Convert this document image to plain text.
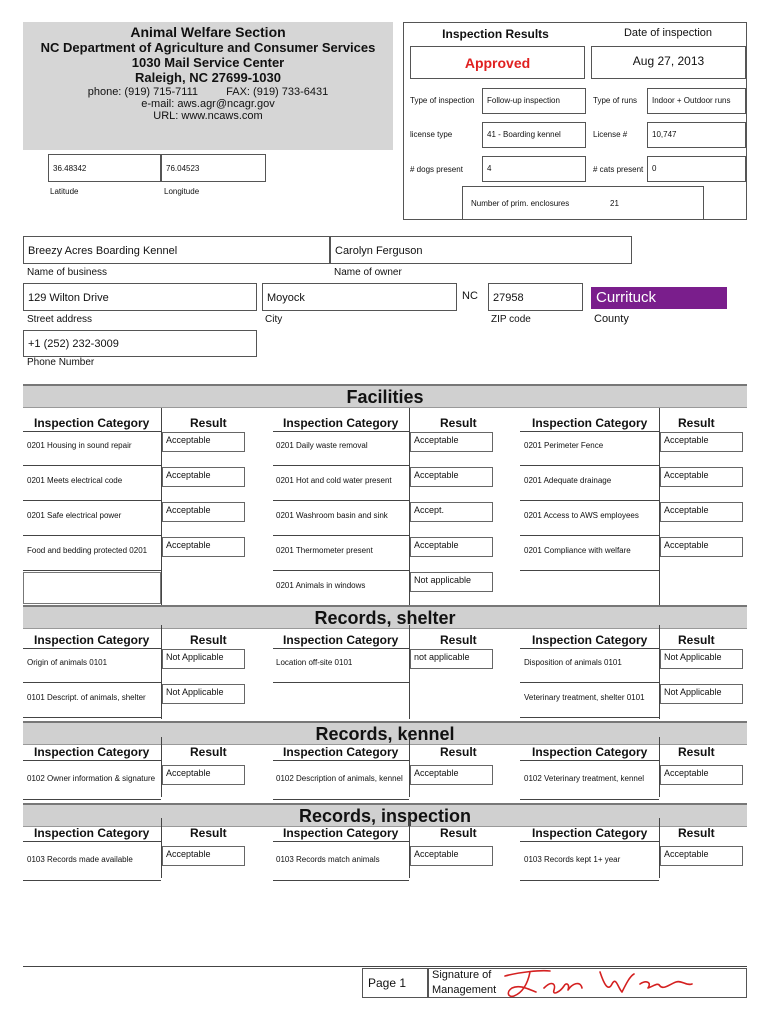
Animal Welfare Section
NC Department of Agriculture and Consumer Services
1030 Mail Service Center
Raleigh, NC 27699-1030
phone: (919) 715-7111	FAX: (919) 733-6431
e-mail: aws.agr@ncagr.gov
URL: www.ncaws.com
36.48342
Latitude
76.04523
Longitude
Inspection Results	Date of inspection
Approved	Aug 27, 2013
Type of inspection	Follow-up inspection	Type of runs	Indoor + Outdoor runs
license type	41 - Boarding kennel	License #	10,747
# dogs present	4	# cats present	0
Number of prim. enclosures	21
Breezy Acres Boarding Kennel
Name of business
Carolyn Ferguson
Name of owner
129 Wilton Drive
Street address
Moyock
City
NC	27958
ZIP code
Currituck
County
+1 (252) 232-3009
Phone Number
Facilities
Inspection Category	Result
0201 Housing in sound repair
Acceptable
0201 Meets electrical code
Acceptable
0201 Safe electrical power
Acceptable
Food and bedding protected 0201
Acceptable
Inspection Category	Result
0201 Daily waste removal
Acceptable
0201 Hot and cold water present
Acceptable
0201 Washroom basin and sink
Accept.
0201 Thermometer present
Acceptable
0201 Animals in windows
Not applicable
Inspection Category	Result
0201 Perimeter Fence
Acceptable
0201 Adequate drainage
Acceptable
0201 Access to AWS employees
Acceptable
0201 Compliance with welfare
Acceptable
Records, shelter
Inspection Category	Result
Origin of animals 0101
Not Applicable
0101 Descript. of animals, shelter
Not Applicable
Inspection Category	Result
Location off-site 0101
not applicable
Inspection Category	Result
Disposition of animals 0101
Not Applicable
Veterinary treatment, shelter 0101
Not Applicable
Records, kennel
Inspection Category	Result
0102 Owner information & signature
Acceptable
Inspection Category	Result
0102 Description of animals, kennel
Acceptable
Inspection Category	Result
0102 Veterinary treatment, kennel
Acceptable
Records, inspection
Inspection Category	Result
0103 Records made available
Acceptable
Inspection Category	Result
0103 Records match animals
Acceptable
Inspection Category	Result
0103 Records kept 1+ year
Acceptable
Page 1
Signature of
Management
